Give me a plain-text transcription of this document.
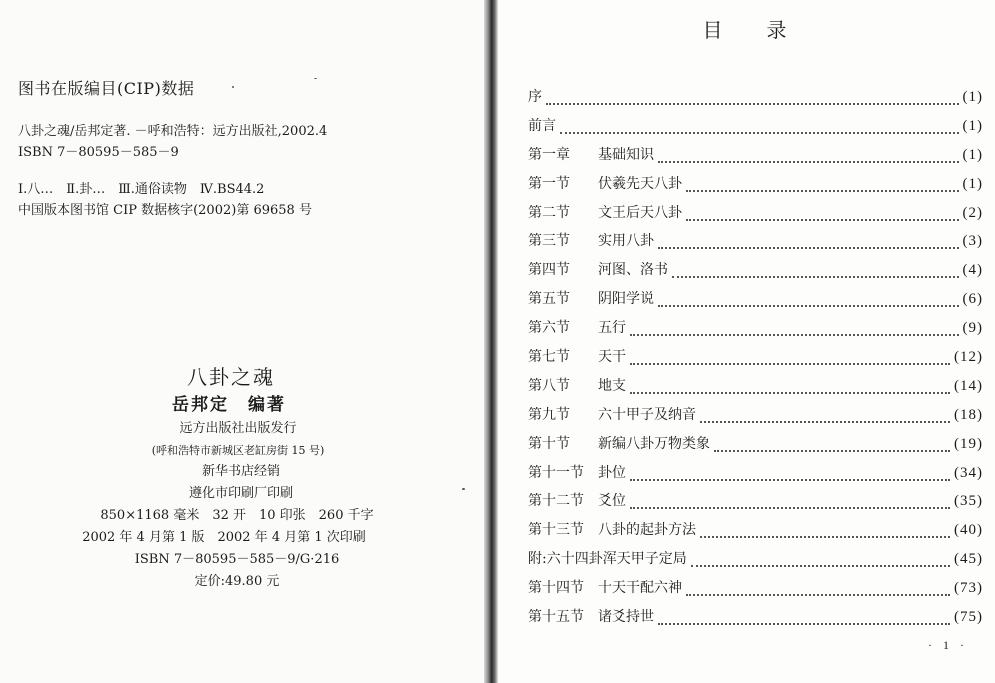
图书在版编目(CIP)数据
八卦之魂/岳邦定著. －呼和浩特：远方出版社,2002.4
ISBN 7－80595－585－9
Ⅰ.八…　Ⅱ.卦…　Ⅲ.通俗读物　Ⅳ.BS44.2
中国版本图书馆 CIP 数据核字(2002)第 69658 号
八卦之魂
岳邦定　编著
远方出版社出版发行
(呼和浩特市新城区老缸房街 15 号)
新华书店经销
遵化市印刷厂印刷
850×1168 毫米　32 开　10 印张　260 千字
2002 年 4 月第 1 版　2002 年 4 月第 1 次印刷
ISBN 7－80595－585－9/G·216
定价:49.80 元
目录
序	(1)
前言	(1)
第一章 基础知识	(1)
第一节 伏羲先天八卦	(1)
第二节 文王后天八卦	(2)
第三节 实用八卦	(3)
第四节 河图、洛书	(4)
第五节 阴阳学说	(6)
第六节 五行	(9)
第七节 天干	(12)
第八节 地支	(14)
第九节 六十甲子及纳音	(18)
第十节 新编八卦万物类象	(19)
第十一节 卦位	(34)
第十二节 爻位	(35)
第十三节 八卦的起卦方法	(40)
附:六十四卦浑天甲子定局	(45)
第十四节 十天干配六神	(73)
第十五节 诸爻持世	(75)
· 1 ·
